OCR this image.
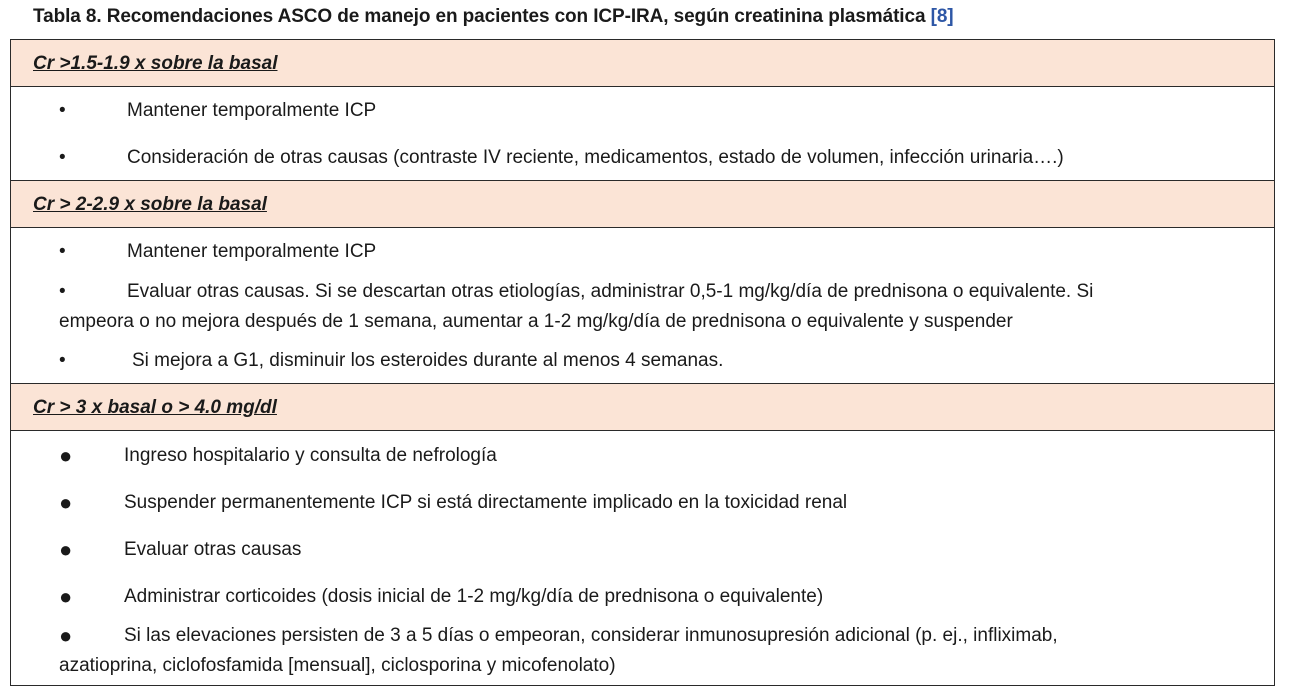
Tabla 8. Recomendaciones ASCO de manejo en pacientes con ICP-IRA, según creatinina plasmática [8]
Cr >1.5-1.9 x sobre la basal
•	Mantener temporalmente ICP
•	Consideración de otras causas (contraste IV reciente, medicamentos, estado de volumen, infección urinaria….)
Cr > 2-2.9 x sobre la basal
•	Mantener temporalmente ICP
•	Evaluar otras causas. Si se descartan otras etiologías, administrar 0,5-1 mg/kg/día de prednisona o equivalente. Si
empeora o no mejora después de 1 semana, aumentar a 1-2 mg/kg/día de prednisona o equivalente y suspender
•	Si mejora a G1, disminuir los esteroides durante al menos 4 semanas.
Cr > 3 x basal o > 4.0 mg/dl
●	Ingreso hospitalario y consulta de nefrología
●	Suspender permanentemente ICP si está directamente implicado en la toxicidad renal
●	Evaluar otras causas
●	Administrar corticoides (dosis inicial de 1-2 mg/kg/día de prednisona o equivalente)
●	Si las elevaciones persisten de 3 a 5 días o empeoran, considerar inmunosupresión adicional (p. ej., infliximab,
azatioprina, ciclofosfamida [mensual], ciclosporina y micofenolato)
